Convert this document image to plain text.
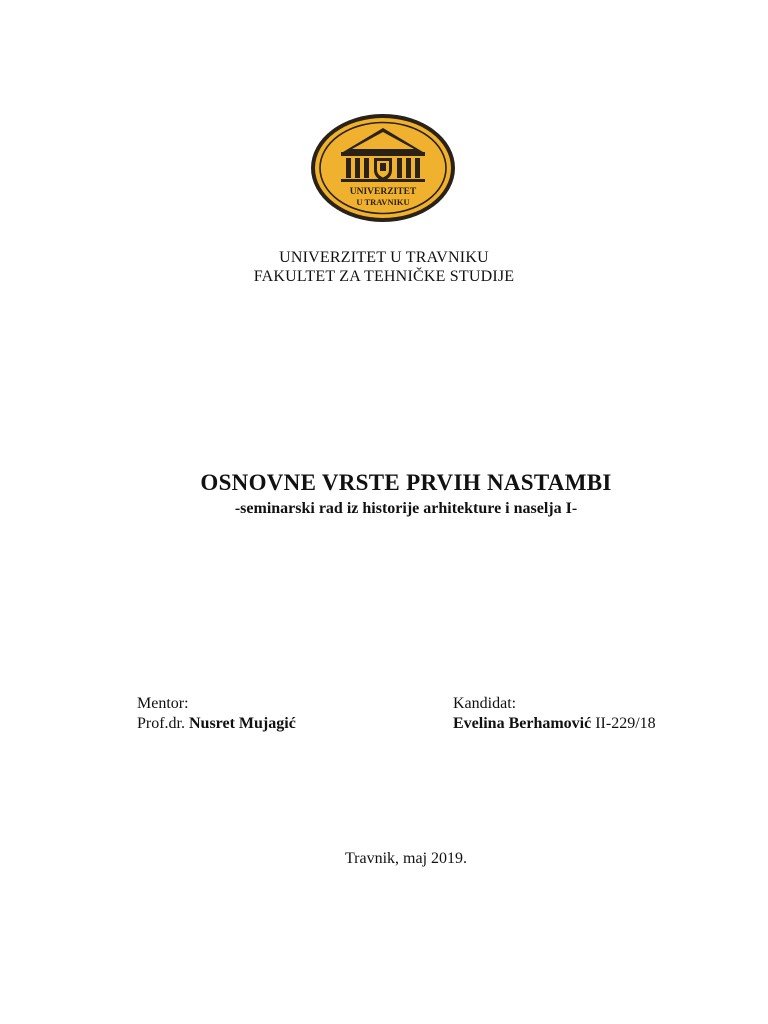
UNIVERZITET
U TRAVNIKU
UNIVERZITET U TRAVNIKU
FAKULTET ZA TEHNIČKE STUDIJE
OSNOVNE VRSTE PRVIH NASTAMBI
-seminarski rad iz historije arhitekture i naselja I-
Mentor:
Prof.dr. Nusret Mujagić
Kandidat:
Evelina Berhamović II-229/18
Travnik, maj 2019.
